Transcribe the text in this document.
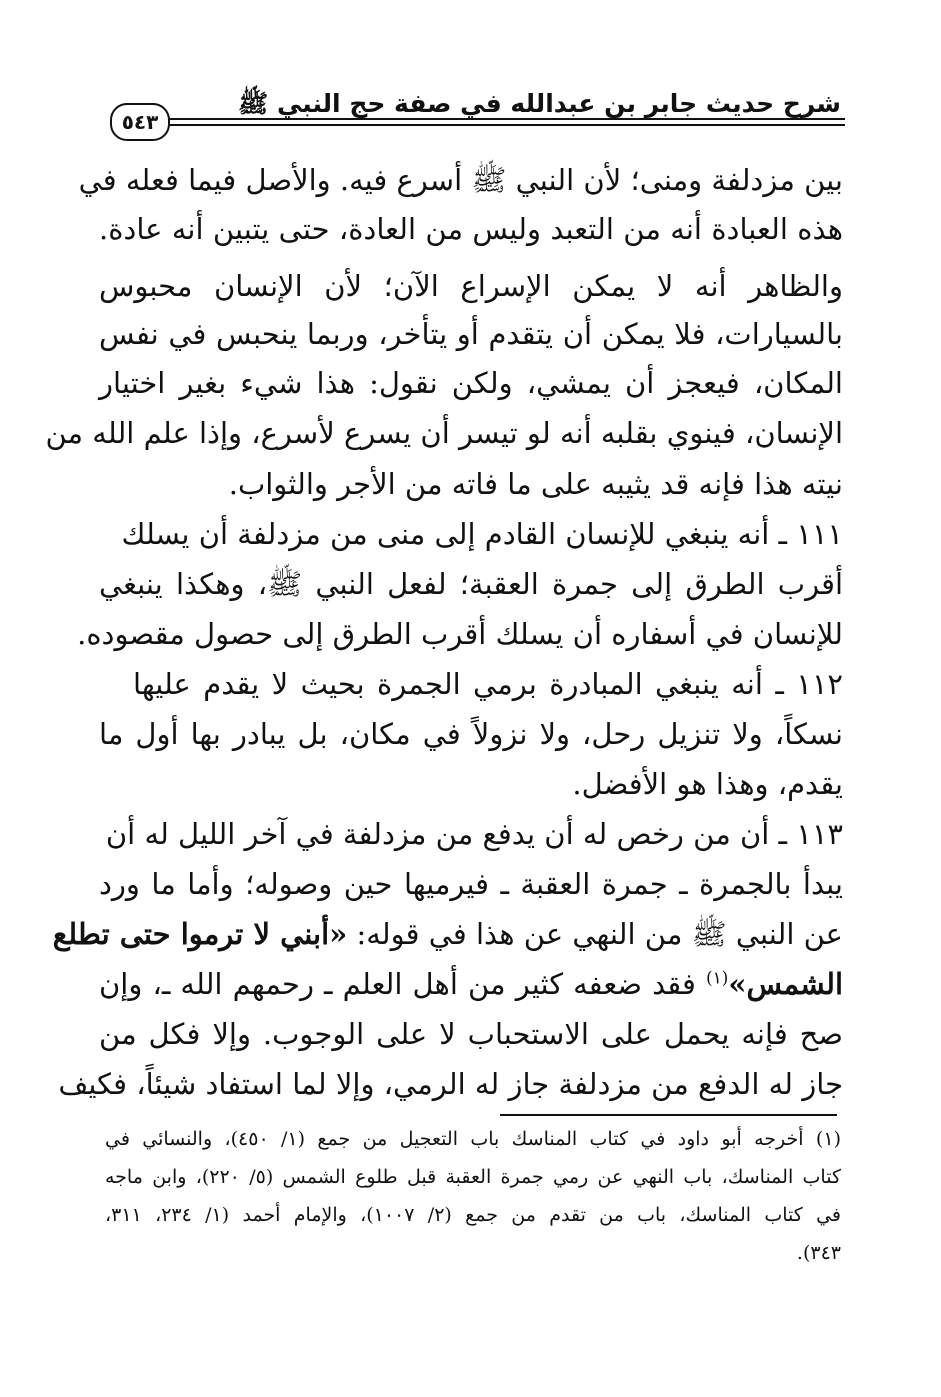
شرح حديث جابر بن عبدالله في صفة حج النبي ﷺ
٥٤٣
بين مزدلفة ومنى؛ لأن النبي ﷺ أسرع فيه. والأصل فيما فعله في
هذه العبادة أنه من التعبد وليس من العادة، حتى يتبين أنه عادة.
والظاهر أنه لا يمكن الإسراع الآن؛ لأن الإنسان محبوس
بالسيارات، فلا يمكن أن يتقدم أو يتأخر، وربما ينحبس في نفس
المكان، فيعجز أن يمشي، ولكن نقول: هذا شيء بغير اختيار
الإنسان، فينوي بقلبه أنه لو تيسر أن يسرع لأسرع، وإذا علم الله من
نيته هذا فإنه قد يثيبه على ما فاته من الأجر والثواب.
١١١ ـ أنه ينبغي للإنسان القادم إلى منى من مزدلفة أن يسلك
أقرب الطرق إلى جمرة العقبة؛ لفعل النبي ﷺ، وهكذا ينبغي
للإنسان في أسفاره أن يسلك أقرب الطرق إلى حصول مقصوده.
١١٢ ـ أنه ينبغي المبادرة برمي الجمرة بحيث لا يقدم عليها
نسكاً، ولا تنزيل رحل، ولا نزولاً في مكان، بل يبادر بها أول ما
يقدم، وهذا هو الأفضل.
١١٣ ـ أن من رخص له أن يدفع من مزدلفة في آخر الليل له أن
يبدأ بالجمرة ـ جمرة العقبة ـ فيرميها حين وصوله؛ وأما ما ورد
عن النبي ﷺ من النهي عن هذا في قوله: «أبني لا ترموا حتى تطلع
الشمس»$^{(١)}$ فقد ضعفه كثير من أهل العلم ـ رحمهم الله ـ، وإن
صح فإنه يحمل على الاستحباب لا على الوجوب. وإلا فكل من
جاز له الدفع من مزدلفة جاز له الرمي، وإلا لما استفاد شيئاً، فكيف
(١) أخرجه أبو داود في كتاب المناسك باب التعجيل من جمع (١/ ٤٥٠)، والنسائي في
كتاب المناسك، باب النهي عن رمي جمرة العقبة قبل طلوع الشمس (٥/ ٢٢٠)، وابن ماجه
في كتاب المناسك، باب من تقدم من جمع (٢/ ١٠٠٧)، والإمام أحمد (١/ ٢٣٤، ٣١١،
٣٤٣).
